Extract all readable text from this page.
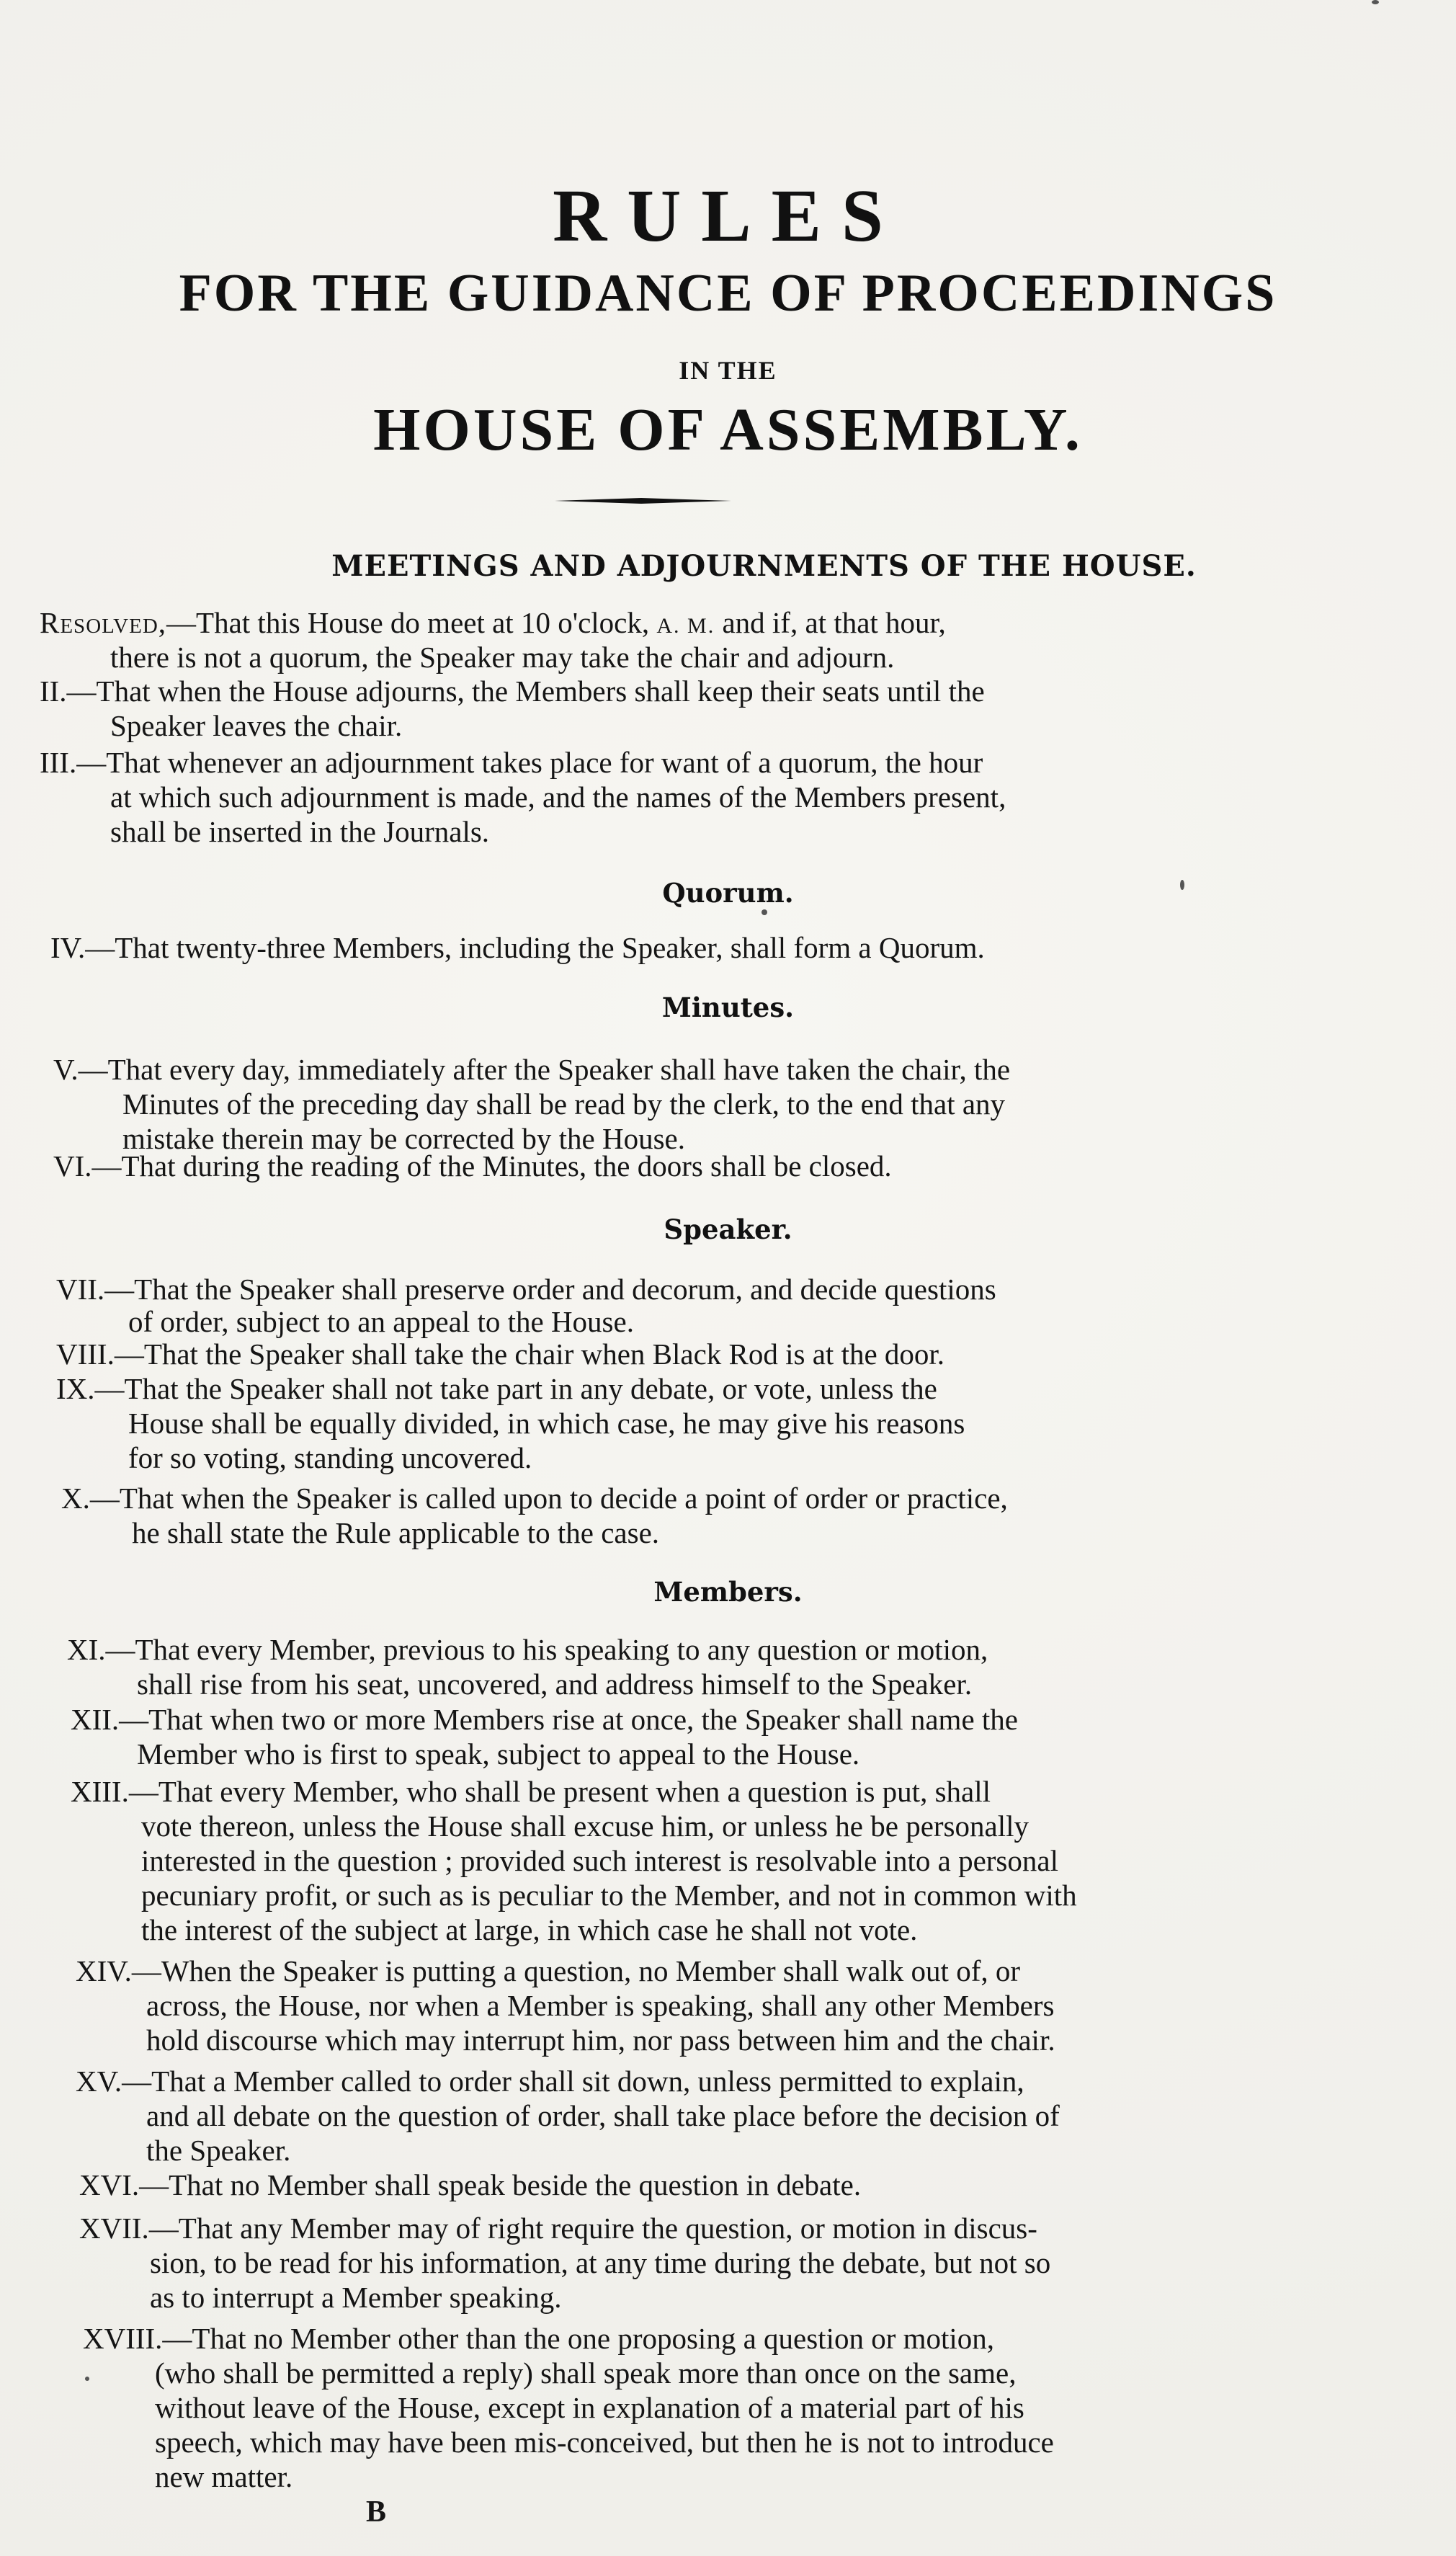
RULES
FOR THE GUIDANCE OF PROCEEDINGS
IN THE
HOUSE OF ASSEMBLY.
MEETINGS AND ADJOURNMENTS OF THE HOUSE.
Resolved,—That this House do meet at 10 o'clock, A. M. and if, at that hour,
there is not a quorum, the Speaker may take the chair and adjourn.
II.—That when the House adjourns, the Members shall keep their seats until the
Speaker leaves the chair.
III.—That whenever an adjournment takes place for want of a quorum, the hour
at which such adjournment is made, and the names of the Members present,
shall be inserted in the Journals.
Quorum.
IV.—That twenty-three Members, including the Speaker, shall form a Quorum.
Minutes.
V.—That every day, immediately after the Speaker shall have taken the chair, the
Minutes of the preceding day shall be read by the clerk, to the end that any
mistake therein may be corrected by the House.
VI.—That during the reading of the Minutes, the doors shall be closed.
Speaker.
VII.—That the Speaker shall preserve order and decorum, and decide questions
of order, subject to an appeal to the House.
VIII.—That the Speaker shall take the chair when Black Rod is at the door.
IX.—That the Speaker shall not take part in any debate, or vote, unless the
House shall be equally divided, in which case, he may give his reasons
for so voting, standing uncovered.
X.—That when the Speaker is called upon to decide a point of order or practice,
he shall state the Rule applicable to the case.
Members.
XI.—That every Member, previous to his speaking to any question or motion,
shall rise from his seat, uncovered, and address himself to the Speaker.
XII.—That when two or more Members rise at once, the Speaker shall name the
Member who is first to speak, subject to appeal to the House.
XIII.—That every Member, who shall be present when a question is put, shall
vote thereon, unless the House shall excuse him, or unless he be personally
interested in the question ; provided such interest is resolvable into a personal
pecuniary profit, or such as is peculiar to the Member, and not in common with
the interest of the subject at large, in which case he shall not vote.
XIV.—When the Speaker is putting a question, no Member shall walk out of, or
across, the House, nor when a Member is speaking, shall any other Members
hold discourse which may interrupt him, nor pass between him and the chair.
XV.—That a Member called to order shall sit down, unless permitted to explain,
and all debate on the question of order, shall take place before the decision of
the Speaker.
XVI.—That no Member shall speak beside the question in debate.
XVII.—That any Member may of right require the question, or motion in discus-
sion, to be read for his information, at any time during the debate, but not so
as to interrupt a Member speaking.
XVIII.—That no Member other than the one proposing a question or motion,
(who shall be permitted a reply) shall speak more than once on the same,
without leave of the House, except in explanation of a material part of his
speech, which may have been mis-conceived, but then he is not to introduce
new matter.
B
